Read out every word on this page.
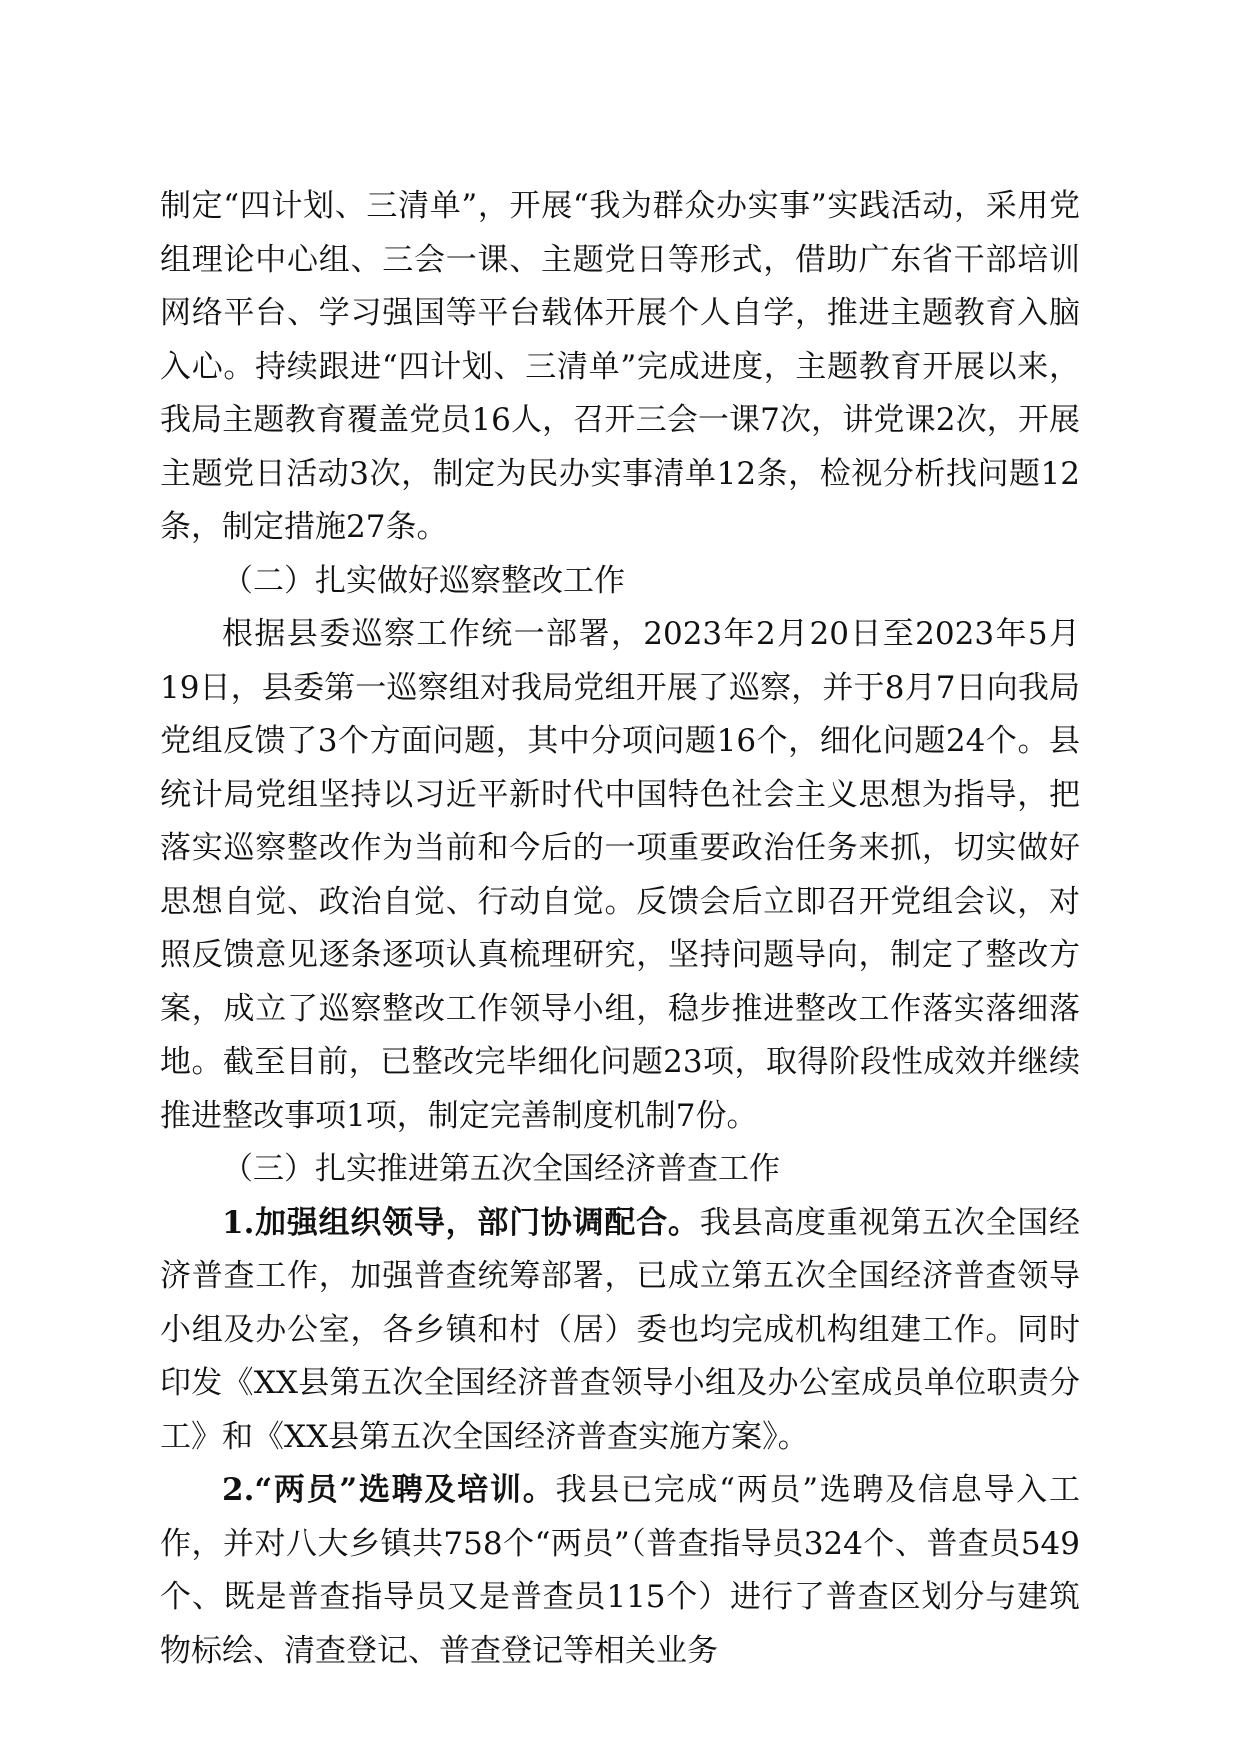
制定“四计划、三清单”，开展“我为群众办实事”实践活动，采用党组理论中心组、三会一课、主题党日等形式，借助广东省干部培训网络平台、学习强国等平台载体开展个人自学，推进主题教育入脑入心。持续跟进“四计划、三清单”完成进度，主题教育开展以来，我局主题教育覆盖党员16人，召开三会一课7次，讲党课2次，开展主题党日活动3次，制定为民办实事清单12条，检视分析找问题12条，制定措施27条。

（二）扎实做好巡察整改工作

根据县委巡察工作统一部署，2023年2月20日至2023年5月19日，县委第一巡察组对我局党组开展了巡察，并于8月7日向我局党组反馈了3个方面问题，其中分项问题16个，细化问题24个。县统计局党组坚持以习近平新时代中国特色社会主义思想为指导，把落实巡察整改作为当前和今后的一项重要政治任务来抓，切实做好思想自觉、政治自觉、行动自觉。反馈会后立即召开党组会议，对照反馈意见逐条逐项认真梳理研究，坚持问题导向，制定了整改方案，成立了巡察整改工作领导小组，稳步推进整改工作落实落细落地。截至目前，已整改完毕细化问题23项，取得阶段性成效并继续推进整改事项1项，制定完善制度机制7份。

（三）扎实推进第五次全国经济普查工作

1.加强组织领导，部门协调配合。我县高度重视第五次全国经济普查工作，加强普查统筹部署，已成立第五次全国经济普查领导小组及办公室，各乡镇和村（居）委也均完成机构组建工作。同时印发《XX县第五次全国经济普查领导小组及办公室成员单位职责分工》和《XX县第五次全国经济普查实施方案》。

2.“两员”选聘及培训。我县已完成“两员”选聘及信息导入工作，并对八大乡镇共758个“两员”（普查指导员324个、普查员549个、既是普查指导员又是普查员115个）进行了普查区划分与建筑物标绘、清查登记、普查登记等相关业务
